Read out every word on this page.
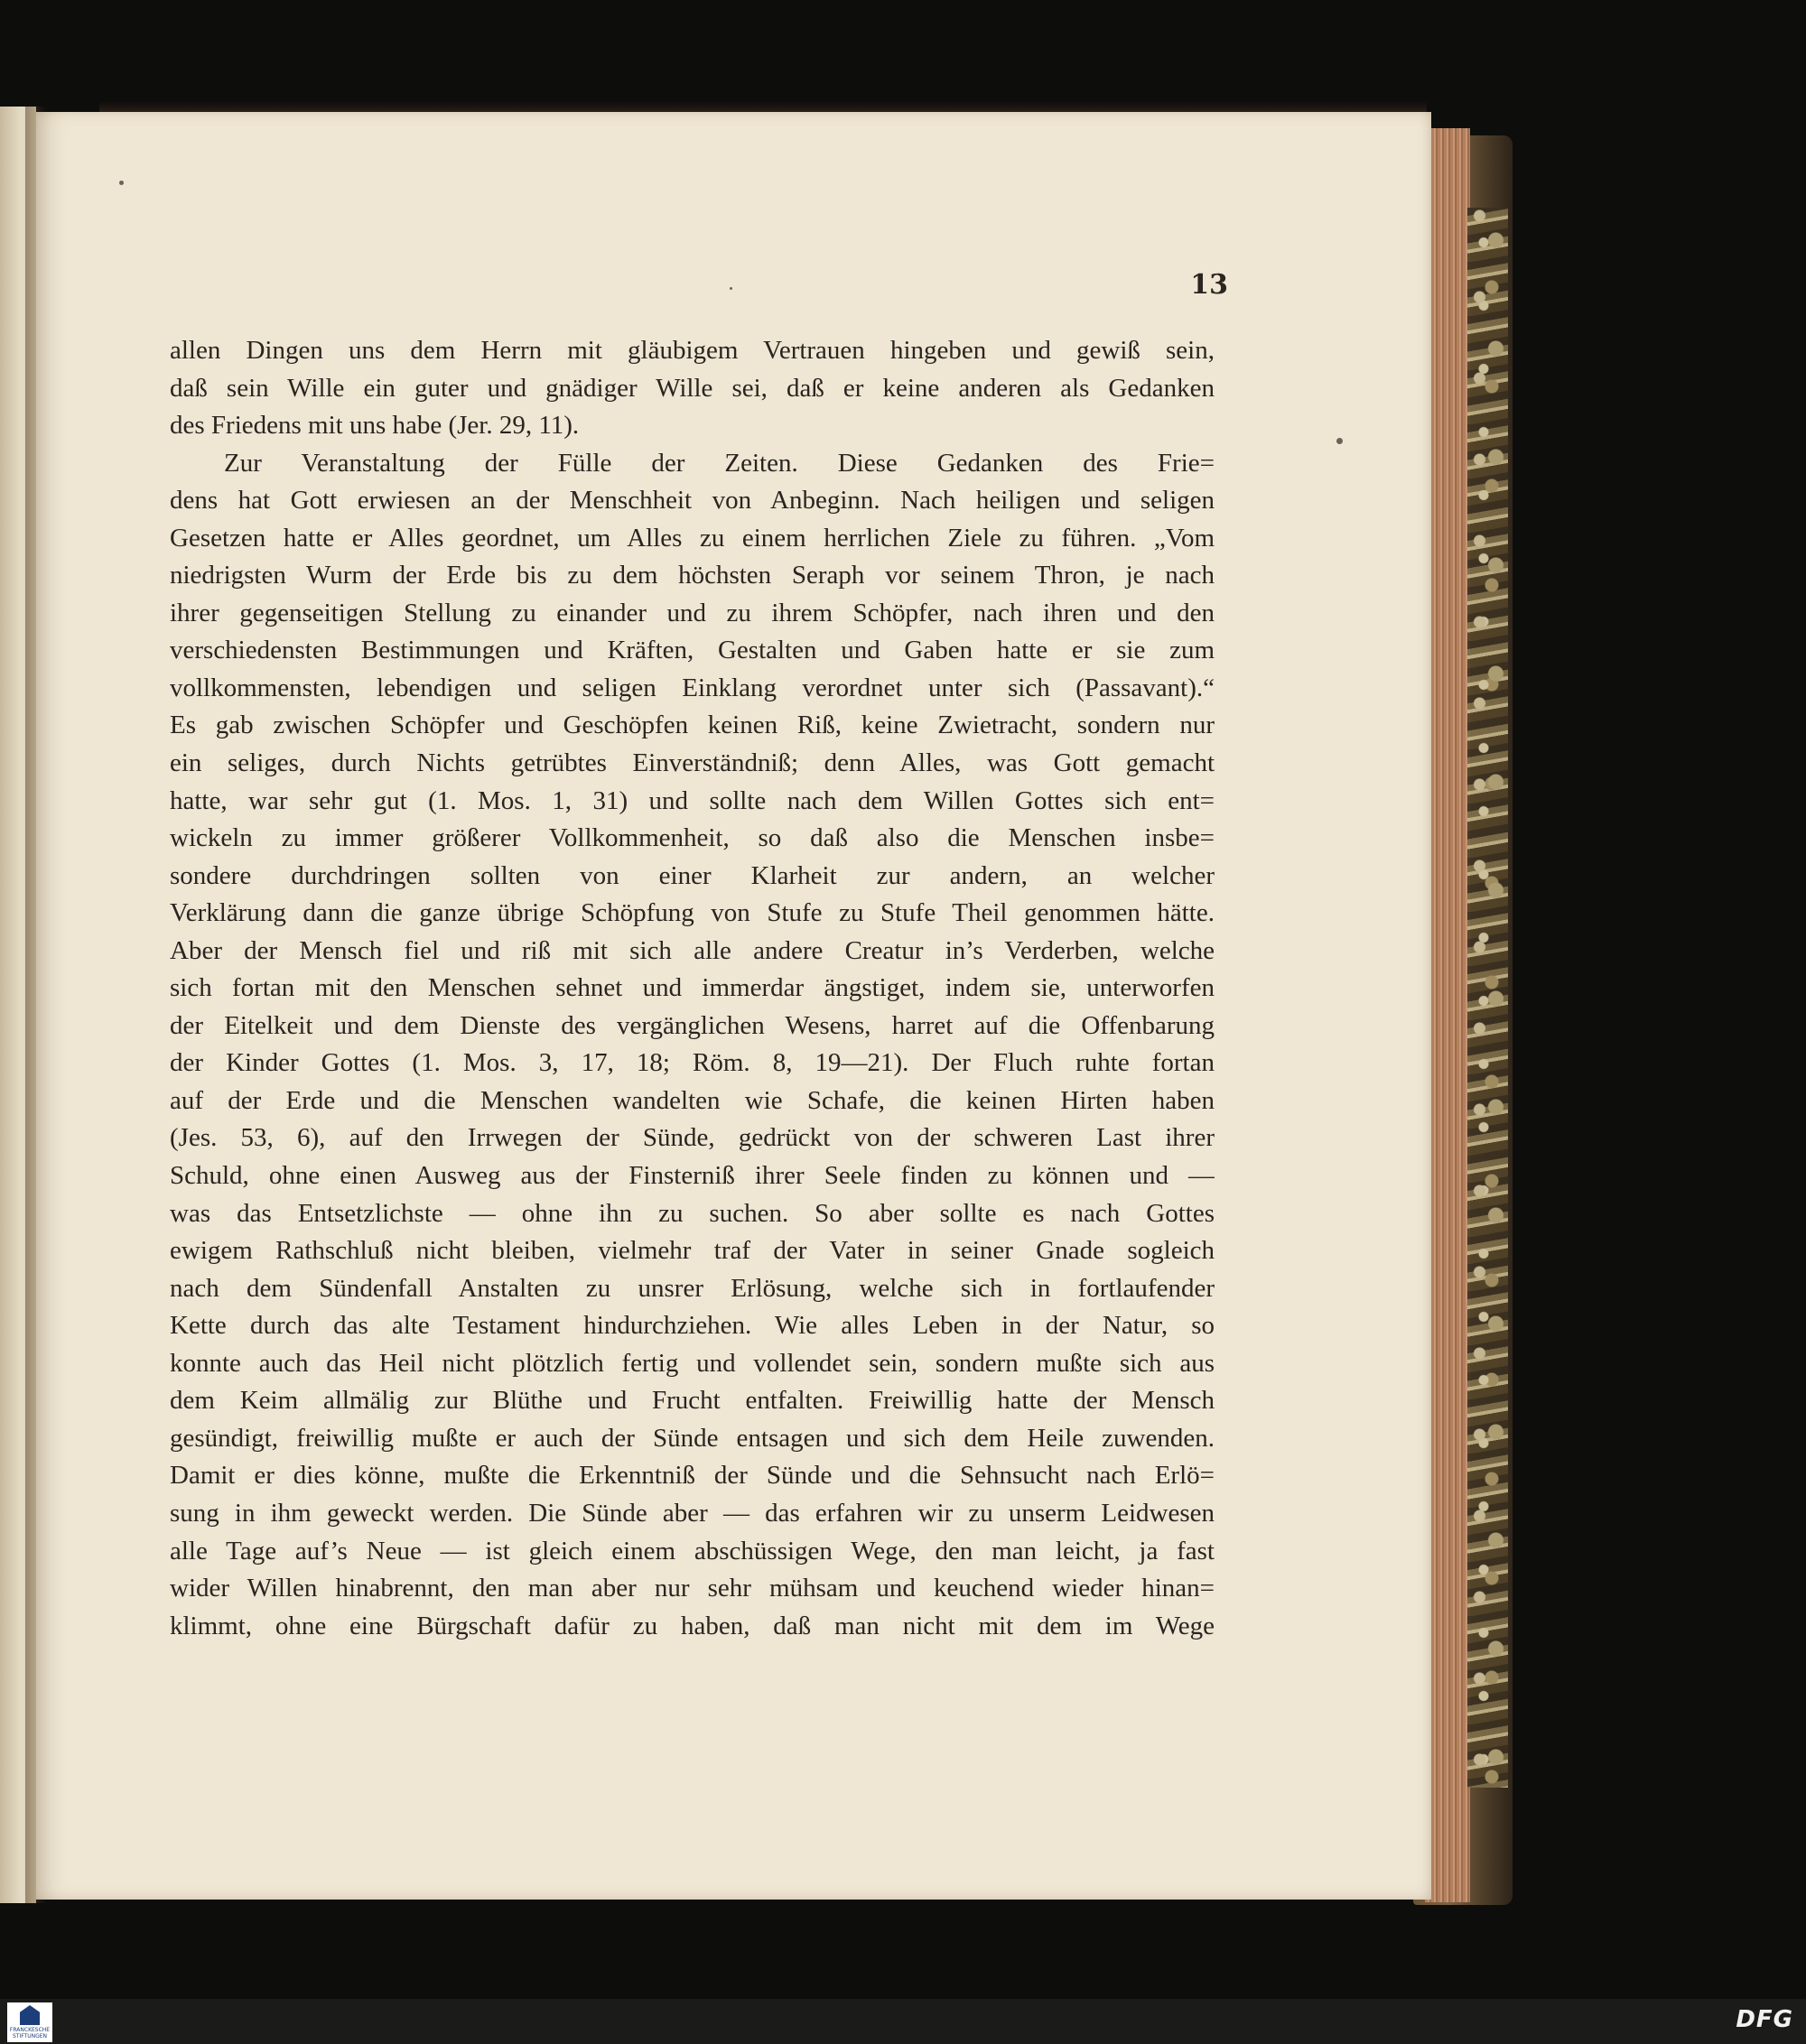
13
allen Dingen uns dem Herrn mit gläubigem Vertrauen hingeben und gewiß sein,
daß sein Wille ein guter und gnädiger Wille sei, daß er keine anderen als Gedanken
des Friedens mit uns habe (Jer. 29, 11).
Zur Veranstaltung der Fülle der Zeiten. Diese Gedanken des Frie=
dens hat Gott erwiesen an der Menschheit von Anbeginn. Nach heiligen und seligen
Gesetzen hatte er Alles geordnet, um Alles zu einem herrlichen Ziele zu führen. „Vom
niedrigsten Wurm der Erde bis zu dem höchsten Seraph vor seinem Thron, je nach
ihrer gegenseitigen Stellung zu einander und zu ihrem Schöpfer, nach ihren und den
verschiedensten Bestimmungen und Kräften, Gestalten und Gaben hatte er sie zum
vollkommensten, lebendigen und seligen Einklang verordnet unter sich (Passavant).“
Es gab zwischen Schöpfer und Geschöpfen keinen Riß, keine Zwietracht, sondern nur
ein seliges, durch Nichts getrübtes Einverständniß; denn Alles, was Gott gemacht
hatte, war sehr gut (1. Mos. 1, 31) und sollte nach dem Willen Gottes sich ent=
wickeln zu immer größerer Vollkommenheit, so daß also die Menschen insbe=
sondere durchdringen sollten von einer Klarheit zur andern, an welcher
Verklärung dann die ganze übrige Schöpfung von Stufe zu Stufe Theil genommen hätte.
Aber der Mensch fiel und riß mit sich alle andere Creatur in’s Verderben, welche
sich fortan mit den Menschen sehnet und immerdar ängstiget, indem sie, unterworfen
der Eitelkeit und dem Dienste des vergänglichen Wesens, harret auf die Offenbarung
der Kinder Gottes (1. Mos. 3, 17, 18; Röm. 8, 19—21). Der Fluch ruhte fortan
auf der Erde und die Menschen wandelten wie Schafe, die keinen Hirten haben
(Jes. 53, 6), auf den Irrwegen der Sünde, gedrückt von der schweren Last ihrer
Schuld, ohne einen Ausweg aus der Finsterniß ihrer Seele finden zu können und —
was das Entsetzlichste — ohne ihn zu suchen. So aber sollte es nach Gottes
ewigem Rathschluß nicht bleiben, vielmehr traf der Vater in seiner Gnade sogleich
nach dem Sündenfall Anstalten zu unsrer Erlösung, welche sich in fortlaufender
Kette durch das alte Testament hindurchziehen. Wie alles Leben in der Natur, so
konnte auch das Heil nicht plötzlich fertig und vollendet sein, sondern mußte sich aus
dem Keim allmälig zur Blüthe und Frucht entfalten. Freiwillig hatte der Mensch
gesündigt, freiwillig mußte er auch der Sünde entsagen und sich dem Heile zuwenden.
Damit er dies könne, mußte die Erkenntniß der Sünde und die Sehnsucht nach Erlö=
sung in ihm geweckt werden. Die Sünde aber — das erfahren wir zu unserm Leidwesen
alle Tage auf’s Neue — ist gleich einem abschüssigen Wege, den man leicht, ja fast
wider Willen hinabrennt, den man aber nur sehr mühsam und keuchend wieder hinan=
klimmt, ohne eine Bürgschaft dafür zu haben, daß man nicht mit dem im Wege
FRANCKESCHE STIFTUNGEN
DFG
